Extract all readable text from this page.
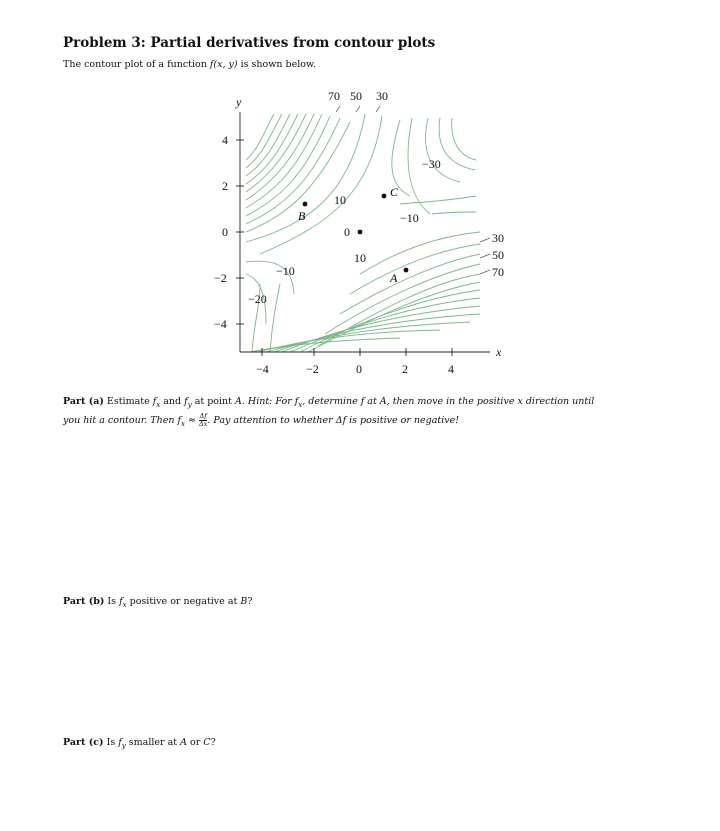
Problem 3: Partial derivatives from contour plots
The contour plot of a function f(x, y) is shown below.
x
y
−4	−2	0	2	4
4
2
0
−2
−4
70 50 30
30
50
70
−30
10
−10
10
−10
−20
0
A
B
C
Part (a) Estimate $f_x$ and $f_y$ at point A. Hint: For $f_x$, determine f at A, then move in the positive x direction until
you hit a contour. Then $f_x \approx \frac{\Delta f}{\Delta x}$ . Pay attention to whether Δf is positive or negative!
Part (b) Is $f_x$ positive or negative at B?
Part (c) Is $f_y$ smaller at A or C?
